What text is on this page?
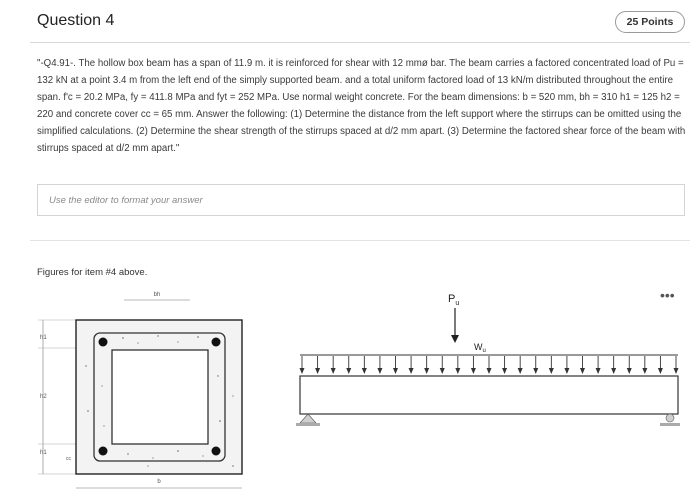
Question 4	25 Points
"-Q4.91-. The hollow box beam has a span of 11.9 m. it is reinforced for shear with 12 mmø bar. The beam carries a factored concentrated load of Pu = 132 kN at a point 3.4 m from the left end of the simply supported beam. and a total uniform factored load of 13 kN/m distributed throughout the entire span. f'c = 20.2 MPa, fy = 411.8 MPa and fyt = 252 MPa. Use normal weight concrete. For the beam dimensions: b = 520 mm, bh = 310 h1 = 125 h2 = 220 and concrete cover cc = 65 mm. Answer the following: (1) Determine the distance from the left support where the stirrups can be omitted using the simplified calculations. (2) Determine the shear strength of the stirrups spaced at d/2 mm apart. (3) Determine the factored shear force of the beam with stirrups spaced at d/2 mm apart."
Use the editor to format your answer
Figures for item #4 above.
•••
bh
h1
h2
h1
cc
b
$P_u$
$W_u$
